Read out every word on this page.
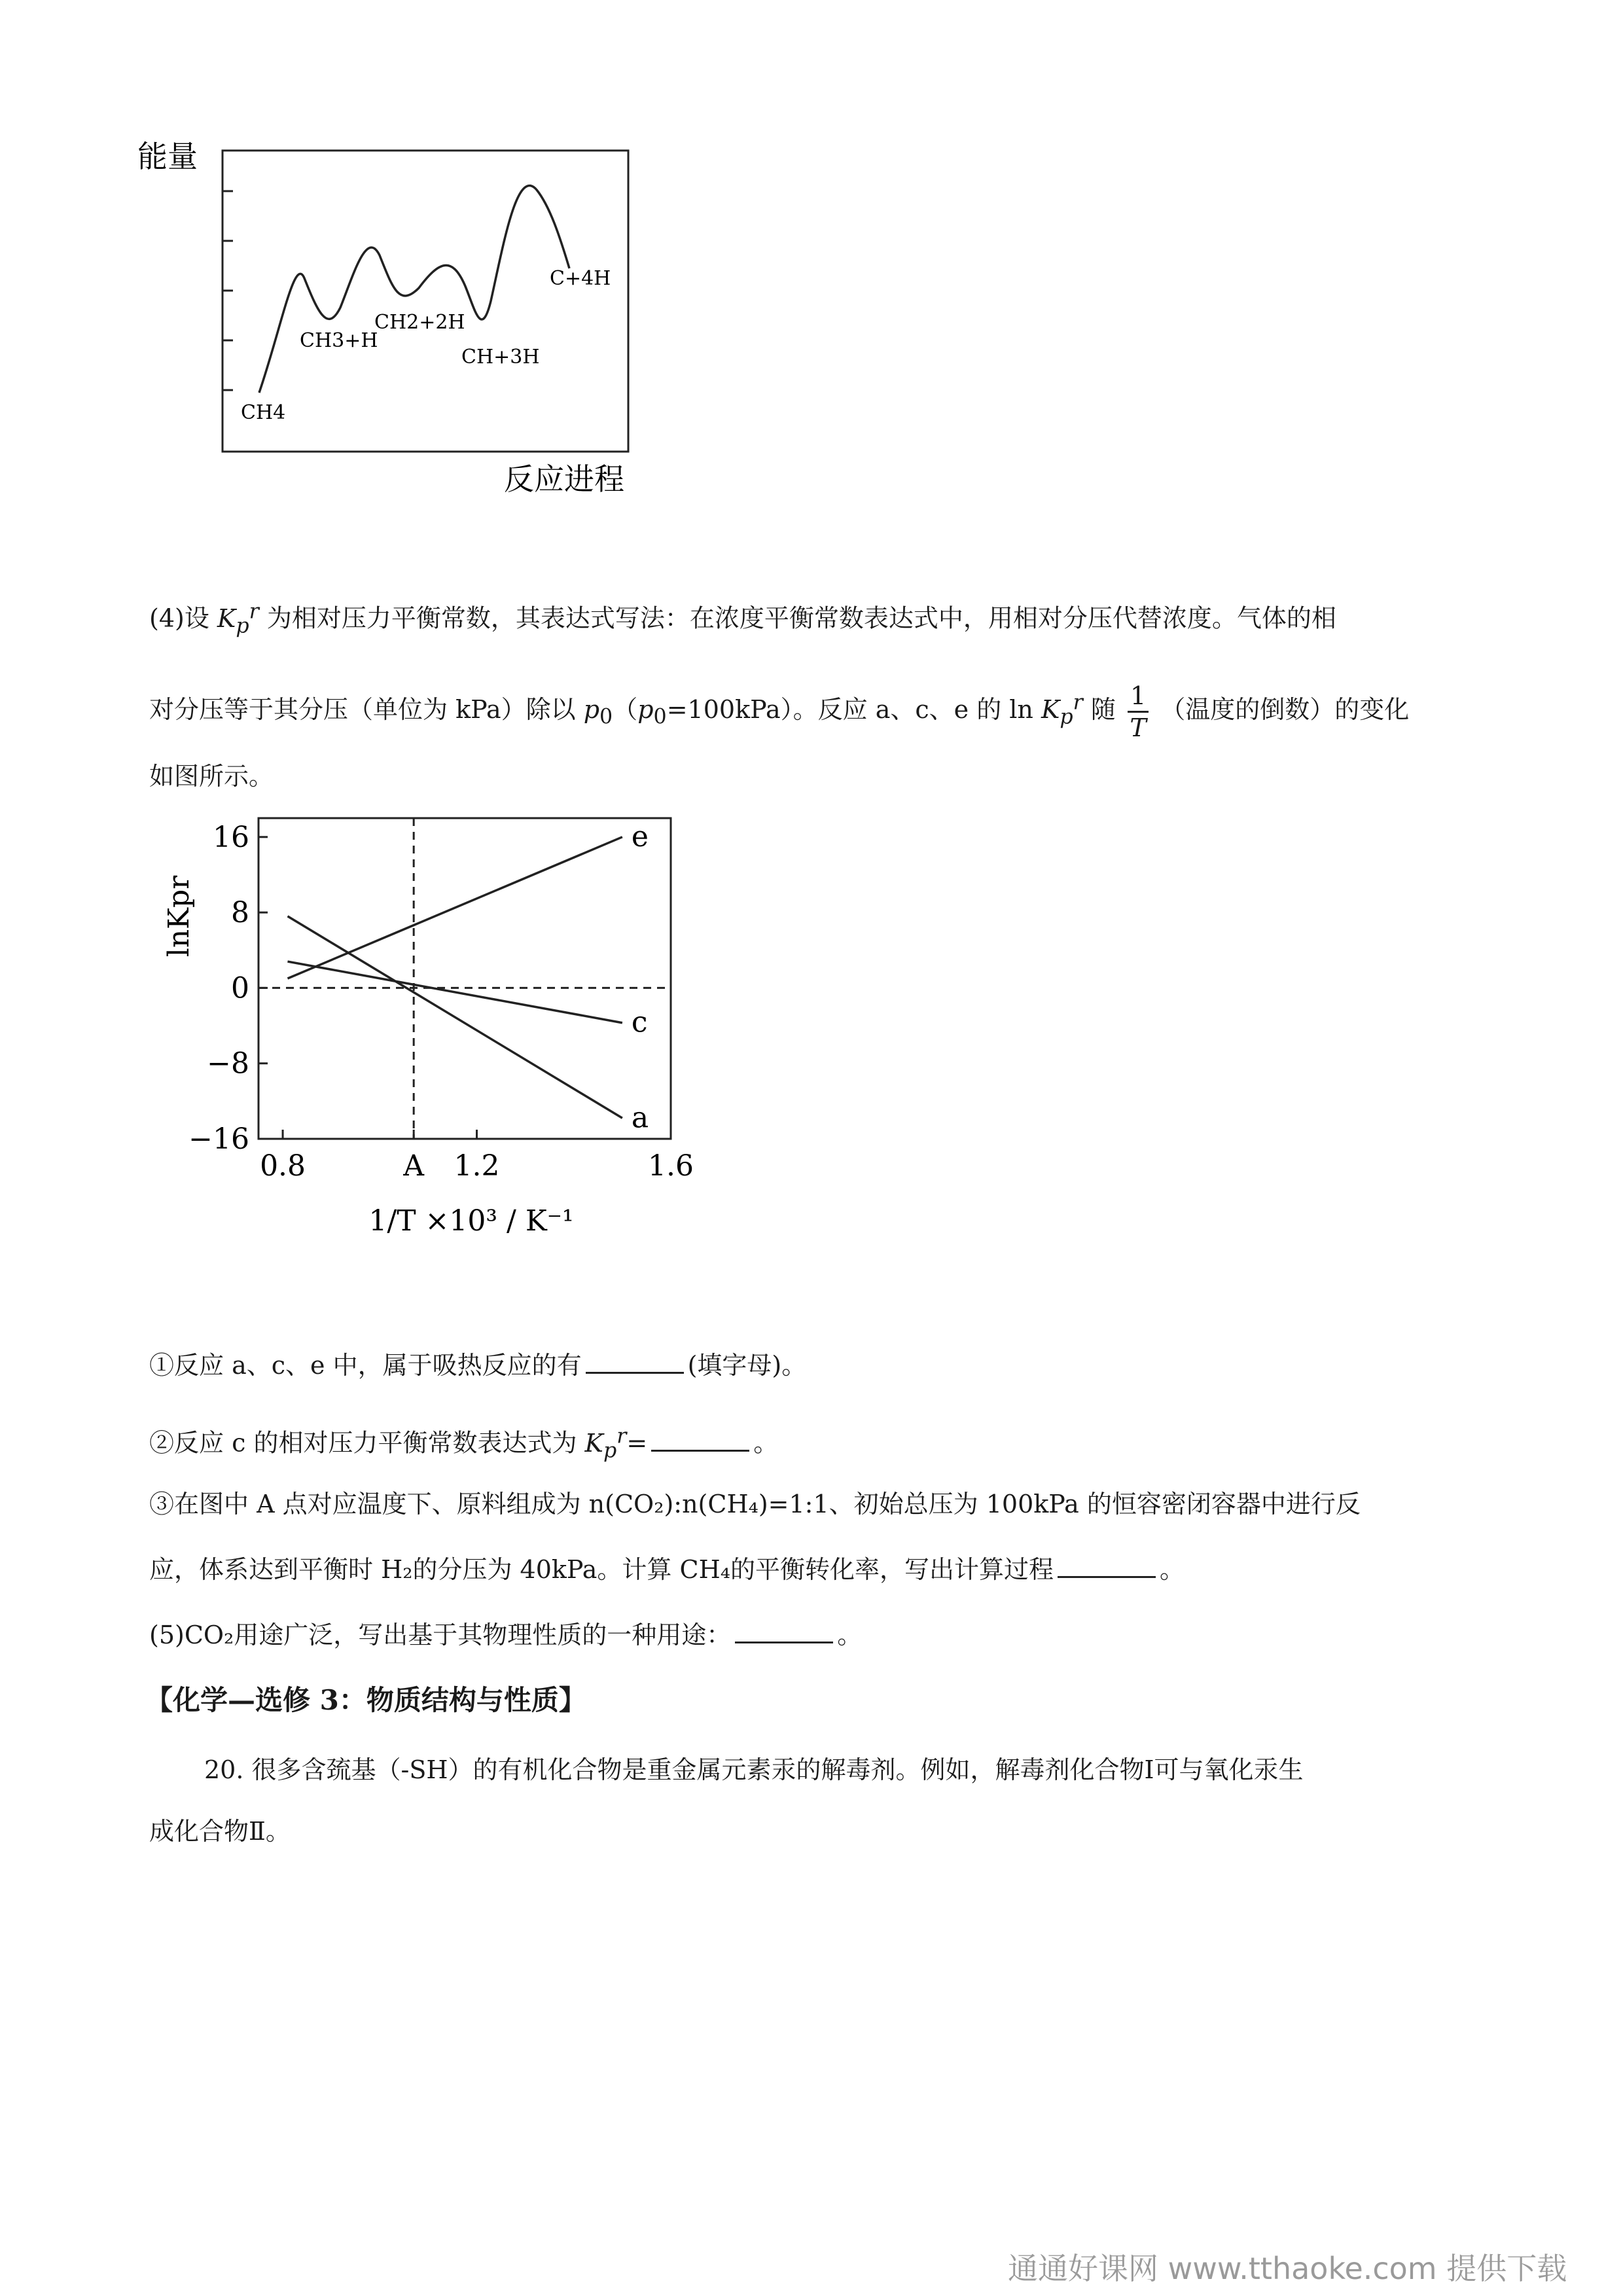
能量
反应进程
CH4
CH3+H
CH2+2H
CH+3H
C+4H
(4)设 $K_p^r$ 为相对压力平衡常数，其表达式写法：在浓度平衡常数表达式中，用相对分压代替浓度。气体的相
对分压等于其分压（单位为 kPa）除以 $p_0(p_0=100kPa)$。反应 a、c、e 的 $\ln K_p^r$ 随 $\frac{1}{T}$ （温度的倒数）的变化
如图所示。
e
c
a
16
8
0
−8
−16
0.8	A 1.2	1.6
lnKpr
1/T ×10³ / K⁻¹
①反应 a、c、e 中，属于吸热反应的有	(填字母)。
②反应 c 的相对压力平衡常数表达式为 $K_p^r=$	。
③在图中 A 点对应温度下、原料组成为 n(CO₂):n(CH₄)=1:1、初始总压为 100kPa 的恒容密闭容器中进行反
应，体系达到平衡时 H₂的分压为 40kPa。计算 CH₄的平衡转化率，写出计算过程	。
(5)CO₂用途广泛，写出基于其物理性质的一种用途：	。
【化学—选修 3：物质结构与性质】
20. 很多含巯基（-SH）的有机化合物是重金属元素汞的解毒剂。例如，解毒剂化合物Ⅰ可与氧化汞生
成化合物Ⅱ。
通通好课网 www.tthaoke.com 提供下载
